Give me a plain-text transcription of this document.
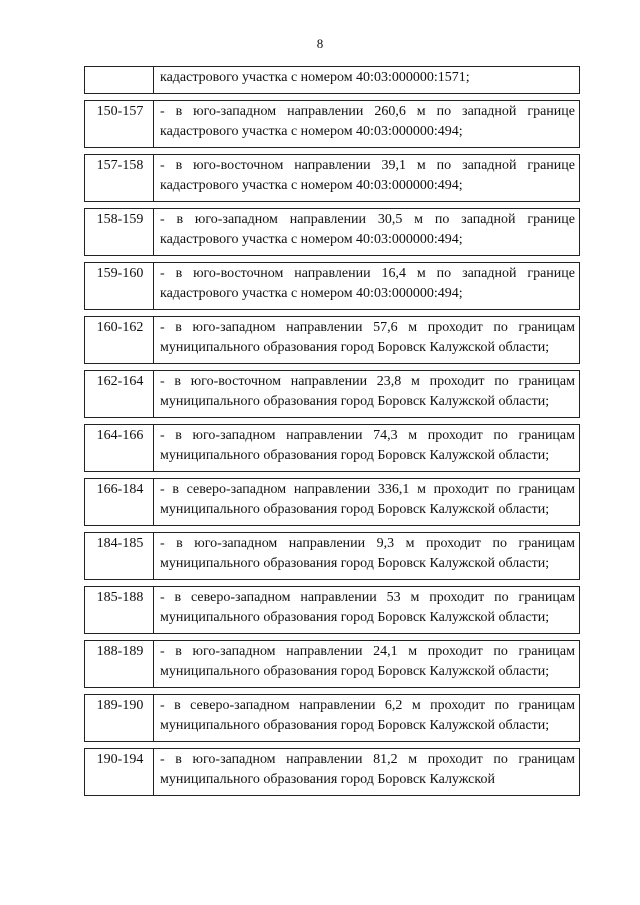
8
	кадастрового участка с номером 40:03:000000:1571;

150-157	- в юго-западном направлении 260,6 м по западной границе кадастрового участка с номером 40:03:000000:494;

157-158	- в юго-восточном направлении 39,1 м по западной границе кадастрового участка с номером 40:03:000000:494;

158-159	- в юго-западном направлении 30,5 м по западной границе кадастрового участка с номером 40:03:000000:494;

159-160	- в юго-восточном направлении 16,4 м по западной границе кадастрового участка с номером 40:03:000000:494;

160-162	- в юго-западном направлении 57,6 м проходит по границам муниципального образования город Боровск Калужской области;

162-164	- в юго-восточном направлении 23,8 м проходит по границам муниципального образования город Боровск Калужской области;

164-166	- в юго-западном направлении 74,3 м проходит по границам муниципального образования город Боровск Калужской области;

166-184	- в северо-западном направлении 336,1 м проходит по границам муниципального образования город Боровск Калужской области;

184-185	- в юго-западном направлении 9,3 м проходит по границам муниципального образования город Боровск Калужской области;

185-188	- в северо-западном направлении 53 м проходит по границам муниципального образования город Боровск Калужской области;

188-189	- в юго-западном направлении 24,1 м проходит по границам муниципального образования город Боровск Калужской области;

189-190	- в северо-западном направлении 6,2 м проходит по границам муниципального образования город Боровск Калужской области;

190-194	- в юго-западном направлении 81,2 м проходит по границам муниципального образования город Боровск Калужской
